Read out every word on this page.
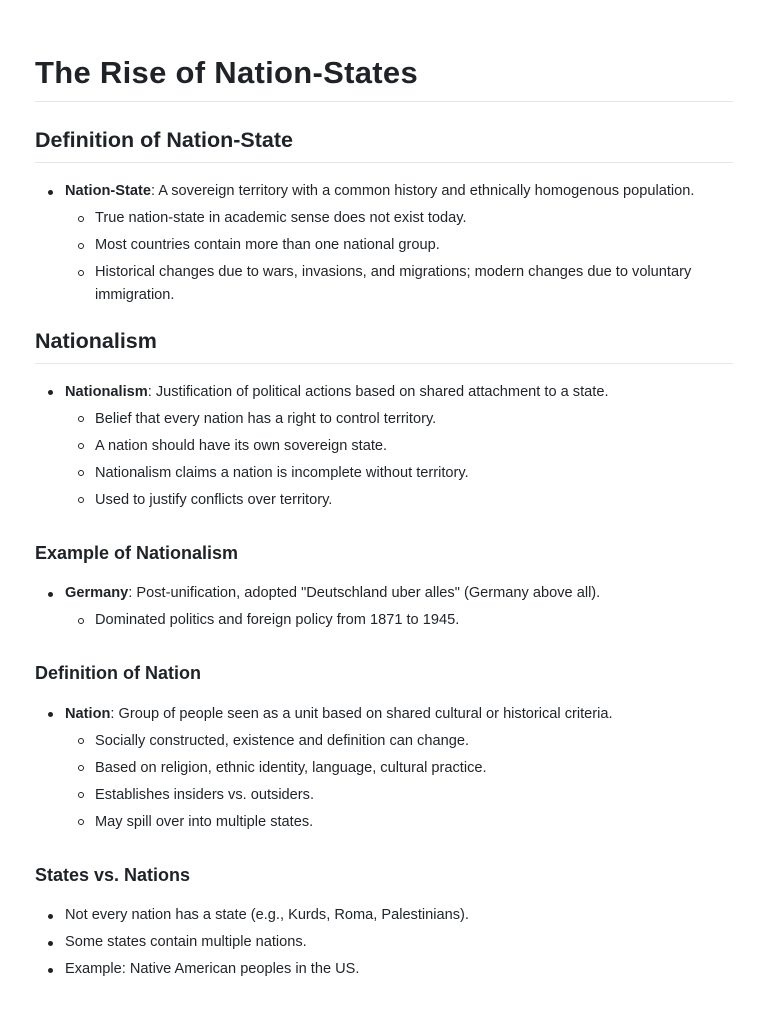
The Rise of Nation-States
Definition of Nation-State
Nation-State: A sovereign territory with a common history and ethnically homogenous population.
True nation-state in academic sense does not exist today.
Most countries contain more than one national group.
Historical changes due to wars, invasions, and migrations; modern changes due to voluntary immigration.
Nationalism
Nationalism: Justification of political actions based on shared attachment to a state.
Belief that every nation has a right to control territory.
A nation should have its own sovereign state.
Nationalism claims a nation is incomplete without territory.
Used to justify conflicts over territory.
Example of Nationalism
Germany: Post-unification, adopted "Deutschland uber alles" (Germany above all).
Dominated politics and foreign policy from 1871 to 1945.
Definition of Nation
Nation: Group of people seen as a unit based on shared cultural or historical criteria.
Socially constructed, existence and definition can change.
Based on religion, ethnic identity, language, cultural practice.
Establishes insiders vs. outsiders.
May spill over into multiple states.
States vs. Nations
Not every nation has a state (e.g., Kurds, Roma, Palestinians).
Some states contain multiple nations.
Example: Native American peoples in the US.
